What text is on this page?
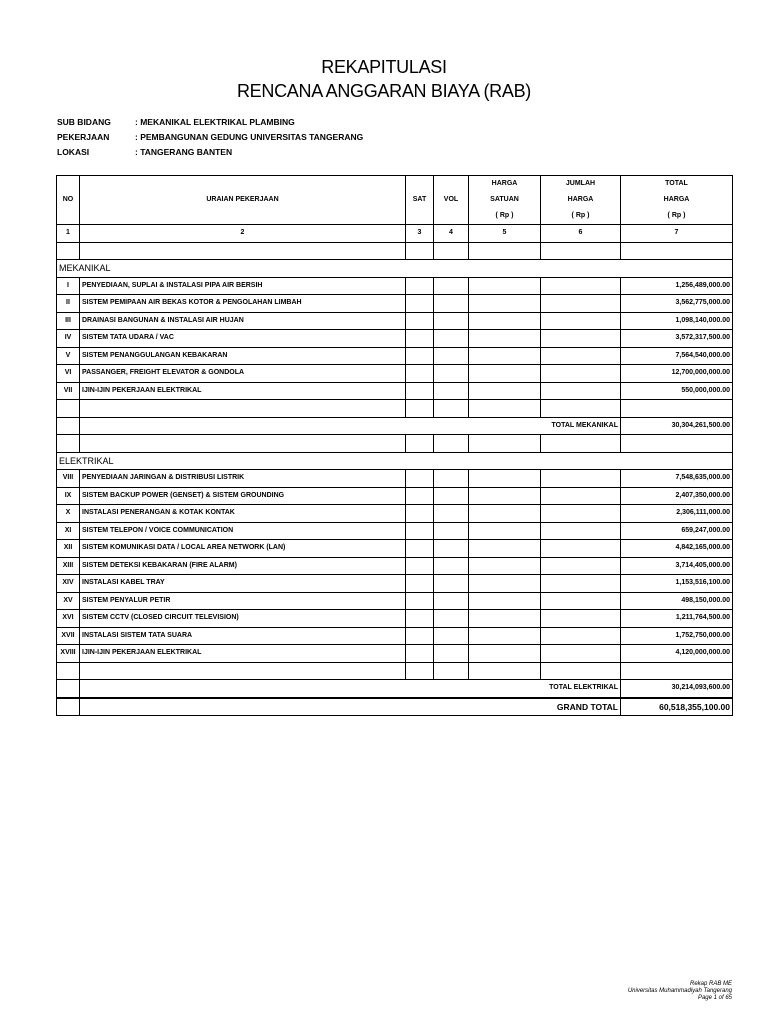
REKAPITULASI
RENCANA ANGGARAN BIAYA (RAB)
SUB BIDANG	: MEKANIKAL ELEKTRIKAL PLAMBING
PEKERJAAN	: PEMBANGUNAN GEDUNG UNIVERSITAS TANGERANG
LOKASI	: TANGERANG BANTEN
NO	URAIAN PEKERJAAN	SAT	VOL	HARGA	JUMLAH	TOTAL
				SATUAN	HARGA	HARGA
				( Rp )	( Rp )	( Rp )
1	2	3	4	5	6	7

MEKANIKAL						
I	PENYEDIAAN, SUPLAI & INSTALASI PIPA AIR BERSIH					1,256,489,000.00
II	SISTEM PEMIPAAN AIR BEKAS KOTOR & PENGOLAHAN LIMBAH					3,562,775,000.00
III	DRAINASI BANGUNAN & INSTALASI AIR HUJAN					1,098,140,000.00
IV	SISTEM TATA UDARA / VAC					3,572,317,500.00
V	SISTEM PENANGGULANGAN KEBAKARAN					7,564,540,000.00
VI	PASSANGER, FREIGHT ELEVATOR & GONDOLA					12,700,000,000.00
VII	IJIN-IJIN PEKERJAAN ELEKTRIKAL					550,000,000.00

	TOTAL MEKANIKAL					30,304,261,500.00

ELEKTRIKAL						
VIII	PENYEDIAAN JARINGAN & DISTRIBUSI LISTRIK					7,548,635,000.00
IX	SISTEM BACKUP POWER (GENSET) & SISTEM GROUNDING					2,407,350,000.00
X	INSTALASI PENERANGAN & KOTAK KONTAK					2,306,111,000.00
XI	SISTEM TELEPON / VOICE COMMUNICATION					659,247,000.00
XII	SISTEM KOMUNIKASI DATA / LOCAL AREA NETWORK (LAN)					4,842,165,000.00
XIII	SISTEM DETEKSI KEBAKARAN (FIRE ALARM)					3,714,405,000.00
XIV	INSTALASI KABEL TRAY					1,153,516,100.00
XV	SISTEM PENYALUR PETIR					498,150,000.00
XVI	SISTEM CCTV (CLOSED CIRCUIT TELEVISION)					1,211,764,500.00
XVII	INSTALASI SISTEM TATA SUARA					1,752,750,000.00
XVIII	IJIN-IJIN PEKERJAAN ELEKTRIKAL					4,120,000,000.00

	TOTAL ELEKTRIKAL					30,214,093,600.00
	GRAND TOTAL					60,518,355,100.00
Rekap RAB ME
Universitas Muhammadiyah Tangerang
Page 1 of 65
